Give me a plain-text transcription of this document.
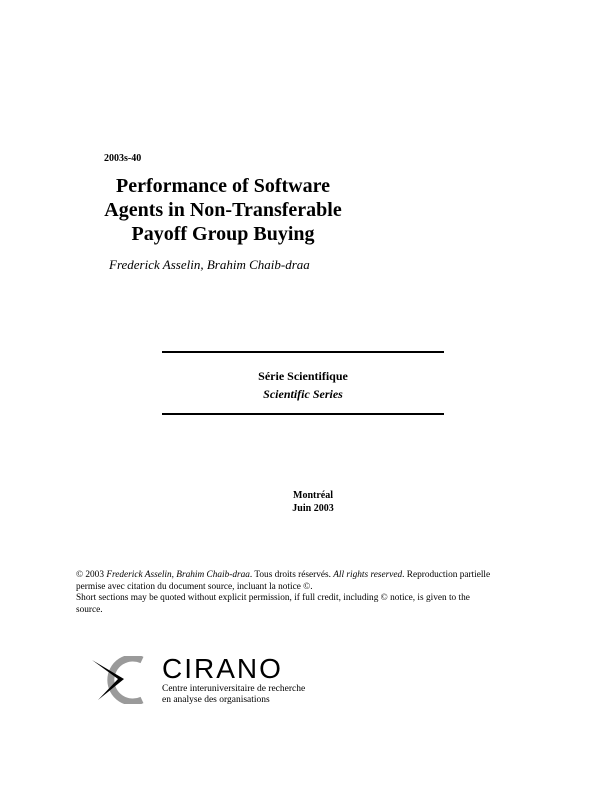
2003s-40
Performance of Software
Agents in Non-Transferable
Payoff Group Buying
Frederick Asselin, Brahim Chaib-draa
Série Scientifique
Scientific Series
Montréal
Juin 2003
© 2003 Frederick Asselin, Brahim Chaib-draa. Tous droits réservés. All rights reserved. Reproduction partielle
permise avec citation du document source, incluant la notice ©.
Short sections may be quoted without explicit permission, if full credit, including © notice, is given to the
source.
CIRANO
Centre interuniversitaire de recherche
en analyse des organisations
